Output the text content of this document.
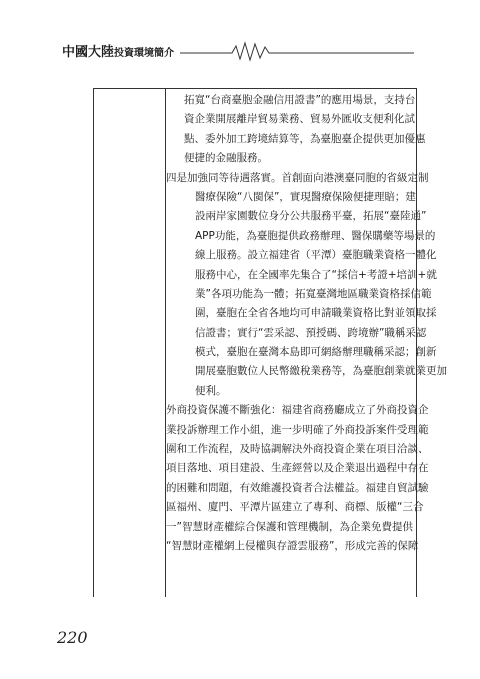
中國大陸投資環境簡介
拓寬“台商臺胞金融信用證書”的應用場景，支持台
資企業開展離岸貿易業務、貿易外匯收支便利化試
點、委外加工跨境結算等，為臺胞臺企提供更加優惠
便捷的金融服務。
四是加強同等待遇落實。首創面向港澳臺同胞的省級定制
醫療保險“八閩保”，實現醫療保險便捷理賠；建
設兩岸家園數位身分公共服務平臺，拓展“臺陸通”
APP功能，為臺胞提供政務辦理、醫保購藥等場景的
線上服務。設立福建省（平潭）臺胞職業資格一體化
服務中心，在全國率先集合了“採信+考證+培訓+就
業”各項功能為一體；拓寬臺灣地區職業資格採信範
圍，臺胞在全省各地均可申請職業資格比對並領取採
信證書；實行“雲采認、預授碼、跨境辦”職稱采認
模式，臺胞在臺灣本島即可網絡辦理職稱采認；創新
開展臺胞數位人民幣繳稅業務等，為臺胞創業就業更加
便利。
外商投資保護不斷強化：福建省商務廳成立了外商投資企
業投訴辦理工作小組，進一步明確了外商投訴案件受理範
圍和工作流程，及時協調解決外商投資企業在項目洽談、
項目落地、項目建設、生產經營以及企業退出過程中存在
的困難和問題，有效維護投資者合法權益。福建自貿試驗
區福州、廈門、平潭片區建立了專利、商標、版權“三合
一”智慧財產權綜合保護和管理機制，為企業免費提供
“智慧財產權網上侵權與存證雲服務”，形成完善的保障
220
